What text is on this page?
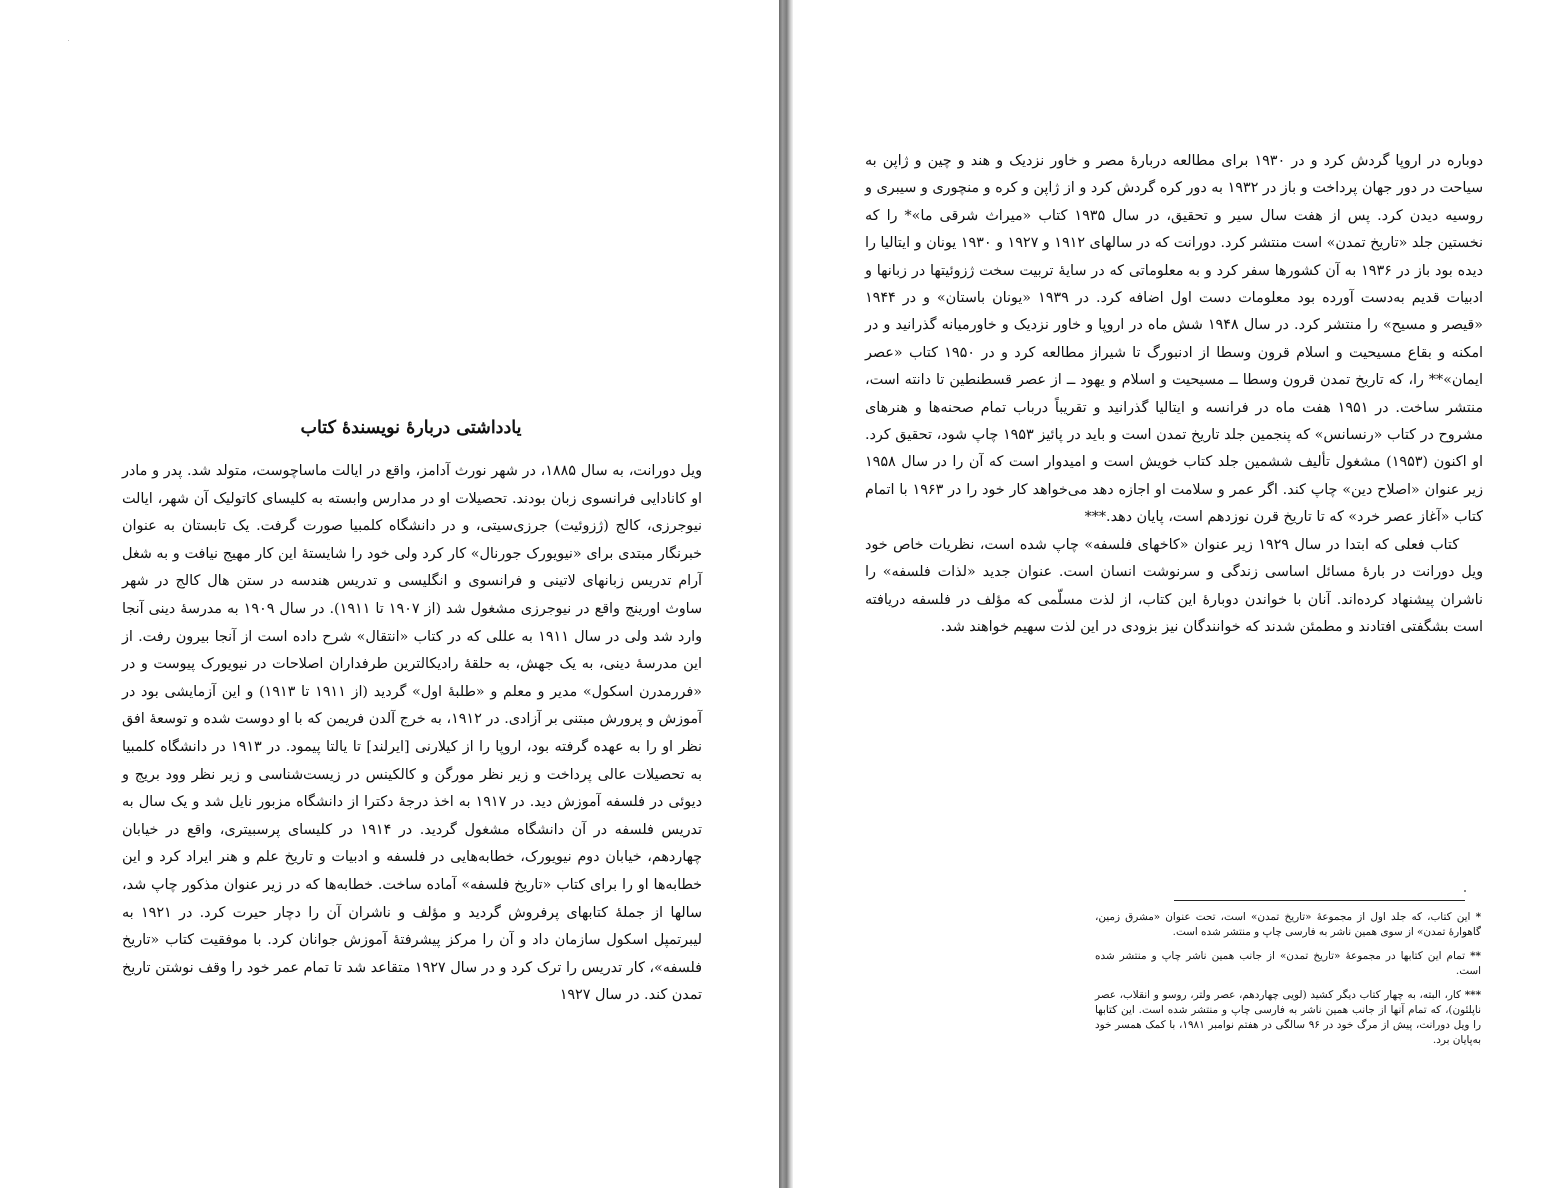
یادداشتی دربارهٔ نویسندهٔ کتاب

ویل دورانت، به سال ۱۸۸۵، در شهر نورث آدامز، واقع در ایالت ماساچوست، متولد شد. پدر و مادر او کانادایی فرانسوی زبان بودند. تحصیلات او در مدارس وابسته به کلیسای کاتولیک آن شهر، ایالت نیوجرزی، کالج (ژزوئیت) جرزی‌سیتی، و در دانشگاه کلمبیا صورت گرفت. یک تابستان به عنوان خبرنگار مبتدی برای «نیویورک جورنال» کار کرد ولی خود را شایستهٔ این کار مهیج نیافت و به شغل آرام تدریس زبانهای لاتینی و فرانسوی و انگلیسی و تدریس هندسه در ستن هال کالج در شهر ساوث اورینج واقع در نیوجرزی مشغول شد (از ۱۹۰۷ تا ۱۹۱۱). در سال ۱۹۰۹ به مدرسهٔ دینی آنجا وارد شد ولی در سال ۱۹۱۱ به عللی که در کتاب «انتقال» شرح داده است از آنجا بیرون رفت. از این مدرسهٔ دینی، به یک جهش، به حلقهٔ رادیکالترین طرفداران اصلاحات در نیویورک پیوست و در «فررمدرن اسکول» مدیر و معلم و «طلبهٔ اول» گردید (از ۱۹۱۱ تا ۱۹۱۳) و این آزمایشی بود در آموزش و پرورش مبتنی بر آزادی. در ۱۹۱۲، به خرج آلدن فریمن که با او دوست شده و توسعهٔ افق نظر او را به عهده گرفته بود، اروپا را از کیلارنی [ایرلند] تا یالتا پیمود. در ۱۹۱۳ در دانشگاه کلمبیا به تحصیلات عالی پرداخت و زیر نظر مورگن و کالکینس در زیست‌شناسی و زیر نظر وود بریج و دیوئی در فلسفه آموزش دید. در ۱۹۱۷ به اخذ درجهٔ دکترا از دانشگاه مزبور نایل شد و یک سال به تدریس فلسفه در آن دانشگاه مشغول گردید. در ۱۹۱۴ در کلیسای پرسبیتری، واقع در خیابان چهاردهم، خیابان دوم نیویورک، خطابه‌هایی در فلسفه و ادبیات و تاریخ علم و هنر ایراد کرد و این خطابه‌ها او را برای کتاب «تاریخ فلسفه» آماده ساخت. خطابه‌ها که در زیر عنوان مذکور چاپ شد، سالها از جملهٔ کتابهای پرفروش گردید و مؤلف و ناشران آن را دچار حیرت کرد. در ۱۹۲۱ به لیبرتمپل اسکول سازمان داد و آن را مرکز پیشرفتهٔ آموزش جوانان کرد. با موفقیت کتاب «تاریخ فلسفه»، کار تدریس را ترک کرد و در سال ۱۹۲۷ متقاعد شد تا تمام عمر خود را وقف نوشتن تاریخ تمدن کند. در سال ۱۹۲۷

دوباره در اروپا گردش کرد و در ۱۹۳۰ برای مطالعه دربارهٔ مصر و خاور نزدیک و هند و چین و ژاپن به سیاحت در دور جهان پرداخت و باز در ۱۹۳۲ به دور کره گردش کرد و از ژاپن و کره و منچوری و سیبری و روسیه دیدن کرد. پس از هفت سال سیر و تحقیق، در سال ۱۹۳۵ کتاب «میراث شرقی ما»* را که نخستین جلد «تاریخ تمدن» است منتشر کرد. دورانت که در سالهای ۱۹۱۲ و ۱۹۲۷ و ۱۹۳۰ یونان و ایتالیا را دیده بود باز در ۱۹۳۶ به آن کشورها سفر کرد و به معلوماتی که در سایهٔ تربیت سخت ژزوئیتها در زبانها و ادبیات قدیم به‌دست آورده بود معلومات دست اول اضافه کرد. در ۱۹۳۹ «یونان باستان» و در ۱۹۴۴ «قیصر و مسیح» را منتشر کرد. در سال ۱۹۴۸ شش ماه در اروپا و خاور نزدیک و خاورمیانه گذرانید و در امکنه و بقاع مسیحیت و اسلام قرون وسطا از ادنبورگ تا شیراز مطالعه کرد و در ۱۹۵۰ کتاب «عصر ایمان»** را، که تاریخ تمدن قرون وسطا ــ مسیحیت و اسلام و یهود ــ از عصر قسطنطین تا دانته است، منتشر ساخت. در ۱۹۵۱ هفت ماه در فرانسه و ایتالیا گذرانید و تقریباً درباب تمام صحنه‌ها و هنرهای مشروح در کتاب «رنسانس» که پنجمین جلد تاریخ تمدن است و باید در پائیز ۱۹۵۳ چاپ شود، تحقیق کرد. او اکنون (۱۹۵۳) مشغول تألیف ششمین جلد کتاب خویش است و امیدوار است که آن را در سال ۱۹۵۸ زیر عنوان «اصلاح دین» چاپ کند. اگر عمر و سلامت او اجازه دهد می‌خواهد کار خود را در ۱۹۶۳ با اتمام کتاب «آغاز عصر خرد» که تا تاریخ قرن نوزدهم است، پایان دهد.***

کتاب فعلی که ابتدا در سال ۱۹۲۹ زیر عنوان «کاخهای فلسفه» چاپ شده است، نظریات خاص خود ویل دورانت در بارهٔ مسائل اساسی زندگی و سرنوشت انسان است. عنوان جدید «لذات فلسفه» را ناشران پیشنهاد کرده‌اند. آنان با خواندن دوبارهٔ این کتاب، از لذت مسلّمی که مؤلف در فلسفه دریافته است بشگفتی افتادند و مطمئن شدند که خوانندگان نیز بزودی در این لذت سهیم خواهند شد.

* این کتاب، که جلد اول از مجموعهٔ «تاریخ تمدن» است، تحت عنوان «مشرق زمین، گاهوارهٔ تمدن» از سوی همین ناشر به فارسی چاپ و منتشر شده است.

** تمام این کتابها در مجموعهٔ «تاریخ تمدن» از جانب همین ناشر چاپ و منتشر شده است.

*** کار، البته، به چهار کتاب دیگر کشید (لویی چهاردهم، عصر ولتر، روسو و انقلاب، عصر ناپلئون)، که تمام آنها از جانب همین ناشر به فارسی چاپ و منتشر شده است. این کتابها را ویل دورانت، پیش از مرگ خود در ۹۶ سالگی در هفتم نوامبر ۱۹۸۱، با کمک همسر خود به‌پایان برد.
